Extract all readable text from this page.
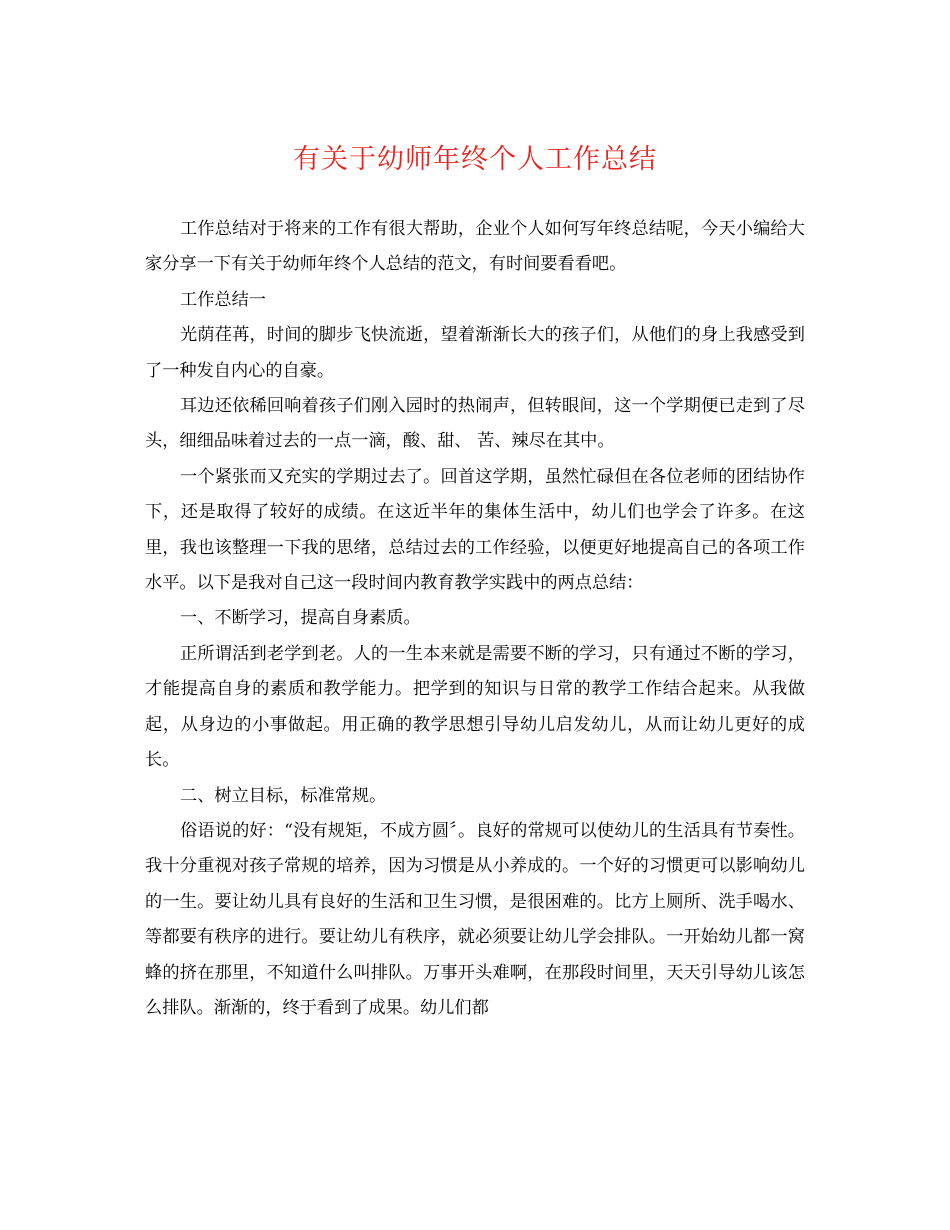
有关于幼师年终个人工作总结

工作总结对于将来的工作有很大帮助，企业个人如何写年终总结呢，今天小编给大家分享一下有关于幼师年终个人总结的范文，有时间要看看吧。

工作总结一

光荫荏苒，时间的脚步飞快流逝，望着渐渐长大的孩子们，从他们的身上我感受到了一种发自内心的自豪。

耳边还依稀回响着孩子们刚入园时的热闹声，但转眼间，这一个学期便已走到了尽头，细细品味着过去的一点一滴，酸、甜、 苦、辣尽在其中。

一个紧张而又充实的学期过去了。回首这学期，虽然忙碌但在各位老师的团结协作下，还是取得了较好的成绩。在这近半年的集体生活中，幼儿们也学会了许多。在这里，我也该整理一下我的思绪，总结过去的工作经验，以便更好地提高自己的各项工作水平。以下是我对自己这一段时间内教育教学实践中的两点总结：

一、不断学习，提高自身素质。

正所谓活到老学到老。人的一生本来就是需要不断的学习，只有通过不断的学习， 才能提高自身的素质和教学能力。把学到的知识与日常的教学工作结合起来。从我做起，从身边的小事做起。用正确的教学思想引导幼儿启发幼儿，从而让幼儿更好的成长。

二、树立目标，标准常规。

俗语说的好：“没有规矩，不成方圆〞。良好的常规可以使幼儿的生活具有节奏性。我十分重视对孩子常规的培养，因为习惯是从小养成的。一个好的习惯更可以影响幼儿的一生。要让幼儿具有良好的生活和卫生习惯，是很困难的。比方上厕所、洗手喝水、等都要有秩序的进行。要让幼儿有秩序，就必须要让幼儿学会排队。一开始幼儿都一窝蜂的挤在那里，不知道什么叫排队。万事开头难啊，在那段时间里，天天引导幼儿该怎么排队。渐渐的，终于看到了成果。幼儿们都
